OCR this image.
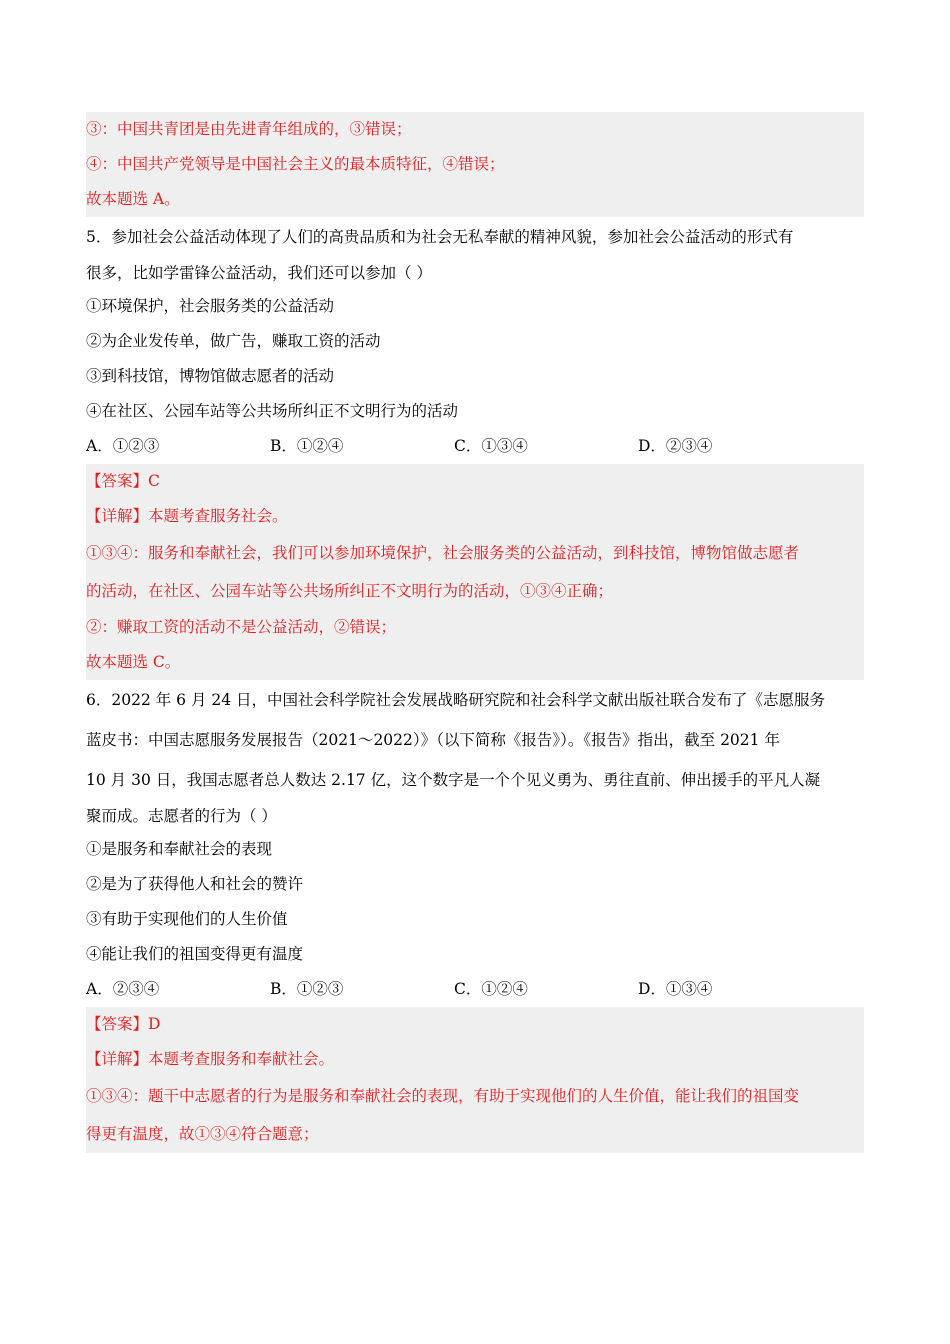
③：中国共青团是由先进青年组成的，③错误；
④：中国共产党领导是中国社会主义的最本质特征，④错误；
故本题选 A。
5．参加社会公益活动体现了人们的高贵品质和为社会无私奉献的精神风貌，参加社会公益活动的形式有
很多，比如学雷锋公益活动，我们还可以参加（ ）
①环境保护，社会服务类的公益活动
②为企业发传单，做广告，赚取工资的活动
③到科技馆，博物馆做志愿者的活动
④在社区、公园车站等公共场所纠正不文明行为的活动
A．①②③	B．①②④	C．①③④	D．②③④
【答案】C
【详解】本题考查服务社会。
①③④：服务和奉献社会，我们可以参加环境保护，社会服务类的公益活动，到科技馆，博物馆做志愿者
的活动，在社区、公园车站等公共场所纠正不文明行为的活动，①③④正确；
②：赚取工资的活动不是公益活动，②错误；
故本题选 C。
6．2022 年 6 月 24 日，中国社会科学院社会发展战略研究院和社会科学文献出版社联合发布了《志愿服务
蓝皮书：中国志愿服务发展报告（2021～2022）》（以下简称《报告》）。《报告》指出，截至 2021 年
10 月 30 日，我国志愿者总人数达 2.17 亿，这个数字是一个个见义勇为、勇往直前、伸出援手的平凡人凝
聚而成。志愿者的行为（ ）
①是服务和奉献社会的表现
②是为了获得他人和社会的赞许
③有助于实现他们的人生价值
④能让我们的祖国变得更有温度
A．②③④	B．①②③	C．①②④	D．①③④
【答案】D
【详解】本题考查服务和奉献社会。
①③④：题干中志愿者的行为是服务和奉献社会的表现，有助于实现他们的人生价值，能让我们的祖国变
得更有温度，故①③④符合题意；
